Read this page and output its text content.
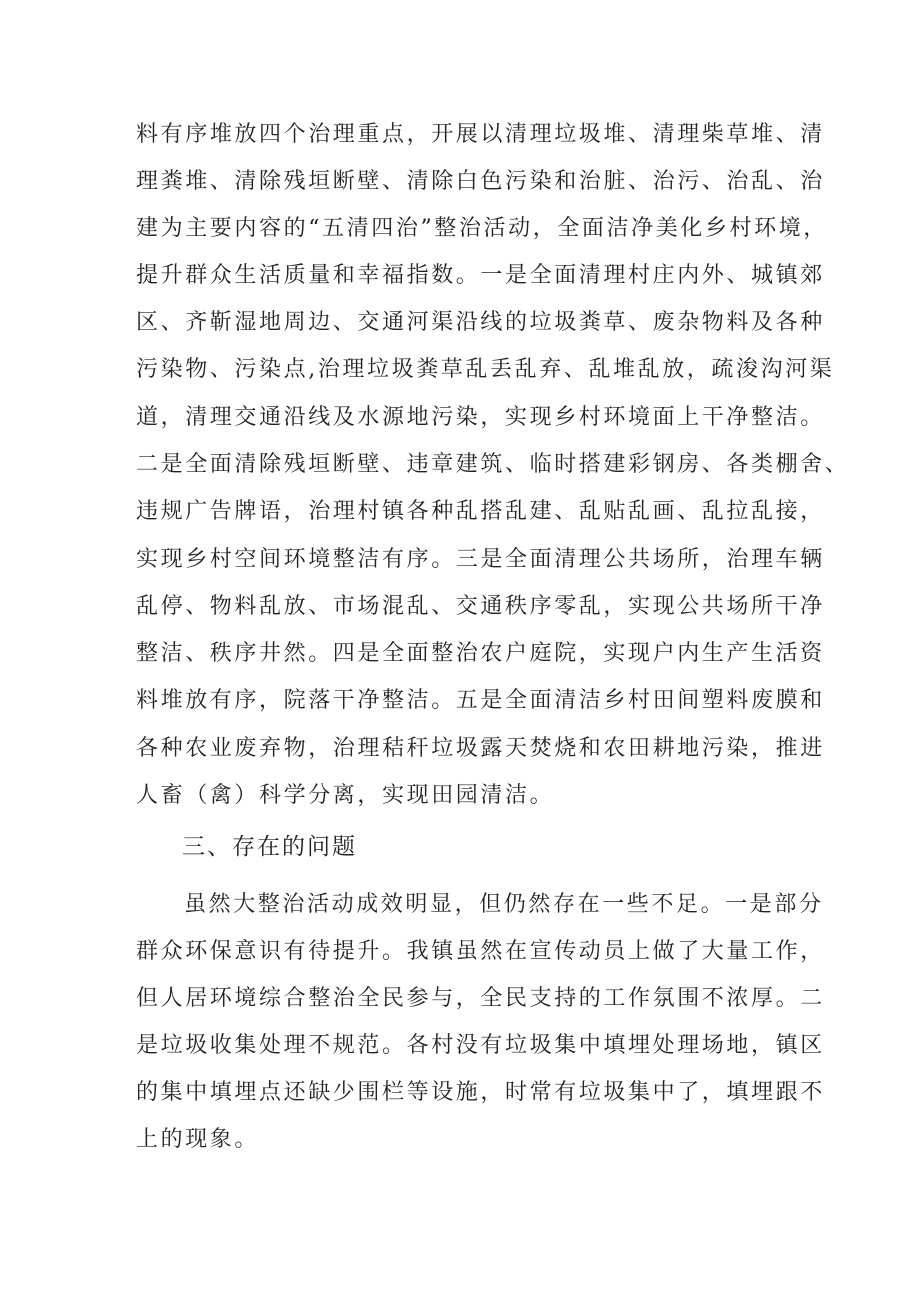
料有序堆放四个治理重点，开展以清理垃圾堆、清理柴草堆、清
理粪堆、清除残垣断壁、清除白色污染和治脏、治污、治乱、治
建为主要内容的“五清四治”整治活动，全面洁净美化乡村环境，
提升群众生活质量和幸福指数。一是全面清理村庄内外、城镇郊
区、齐靳湿地周边、交通河渠沿线的垃圾粪草、废杂物料及各种
污染物、污染点,治理垃圾粪草乱丢乱弃、乱堆乱放，疏浚沟河渠
道，清理交通沿线及水源地污染，实现乡村环境面上干净整洁。
二是全面清除残垣断壁、违章建筑、临时搭建彩钢房、各类棚舍、
违规广告牌语，治理村镇各种乱搭乱建、乱贴乱画、乱拉乱接，
实现乡村空间环境整洁有序。三是全面清理公共场所，治理车辆
乱停、物料乱放、市场混乱、交通秩序零乱，实现公共场所干净
整洁、秩序井然。四是全面整治农户庭院，实现户内生产生活资
料堆放有序，院落干净整洁。五是全面清洁乡村田间塑料废膜和
各种农业废弃物，治理秸秆垃圾露天焚烧和农田耕地污染，推进
人畜（禽）科学分离，实现田园清洁。
三、存在的问题
虽然大整治活动成效明显，但仍然存在一些不足。一是部分
群众环保意识有待提升。我镇虽然在宣传动员上做了大量工作，
但人居环境综合整治全民参与，全民支持的工作氛围不浓厚。二
是垃圾收集处理不规范。各村没有垃圾集中填埋处理场地，镇区
的集中填埋点还缺少围栏等设施，时常有垃圾集中了，填埋跟不
上的现象。
